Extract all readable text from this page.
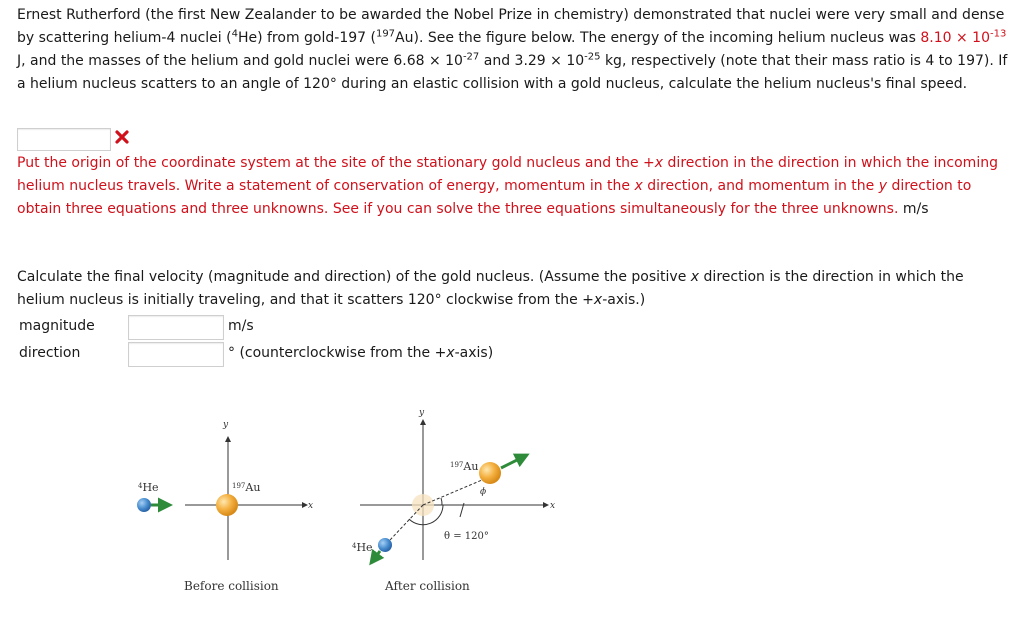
Ernest Rutherford (the first New Zealander to be awarded the Nobel Prize in chemistry) demonstrated that nuclei were very small and dense by scattering helium-4 nuclei ($^4$He) from gold-197 ($^{197}$Au). See the figure below. The energy of the incoming helium nucleus was $8.10 \times 10^{-13}$ J, and the masses of the helium and gold nuclei were $6.68 \times 10^{-27}$ and $3.29 \times 10^{-25}$ kg, respectively (note that their mass ratio is 4 to 197). If a helium nucleus scatters to an angle of 120° during an elastic collision with a gold nucleus, calculate the helium nucleus's final speed.
Put the origin of the coordinate system at the site of the stationary gold nucleus and the +x direction in the direction in which the incoming helium nucleus travels. Write a statement of conservation of energy, momentum in the x direction, and momentum in the y direction to obtain three equations and three unknowns. See if you can solve the three equations simultaneously for the three unknowns. m/s
Calculate the final velocity (magnitude and direction) of the gold nucleus. (Assume the positive x direction is the direction in which the helium nucleus is initially traveling, and that it scatters 120° clockwise from the +x-axis.)
magnitude	m/s
direction	° (counterclockwise from the +x-axis)
y
x
$^{197}$Au
$^4$He
Before collision
y
x
ϕ
θ = 120°
$^{197}$Au
$^4$He
After collision
